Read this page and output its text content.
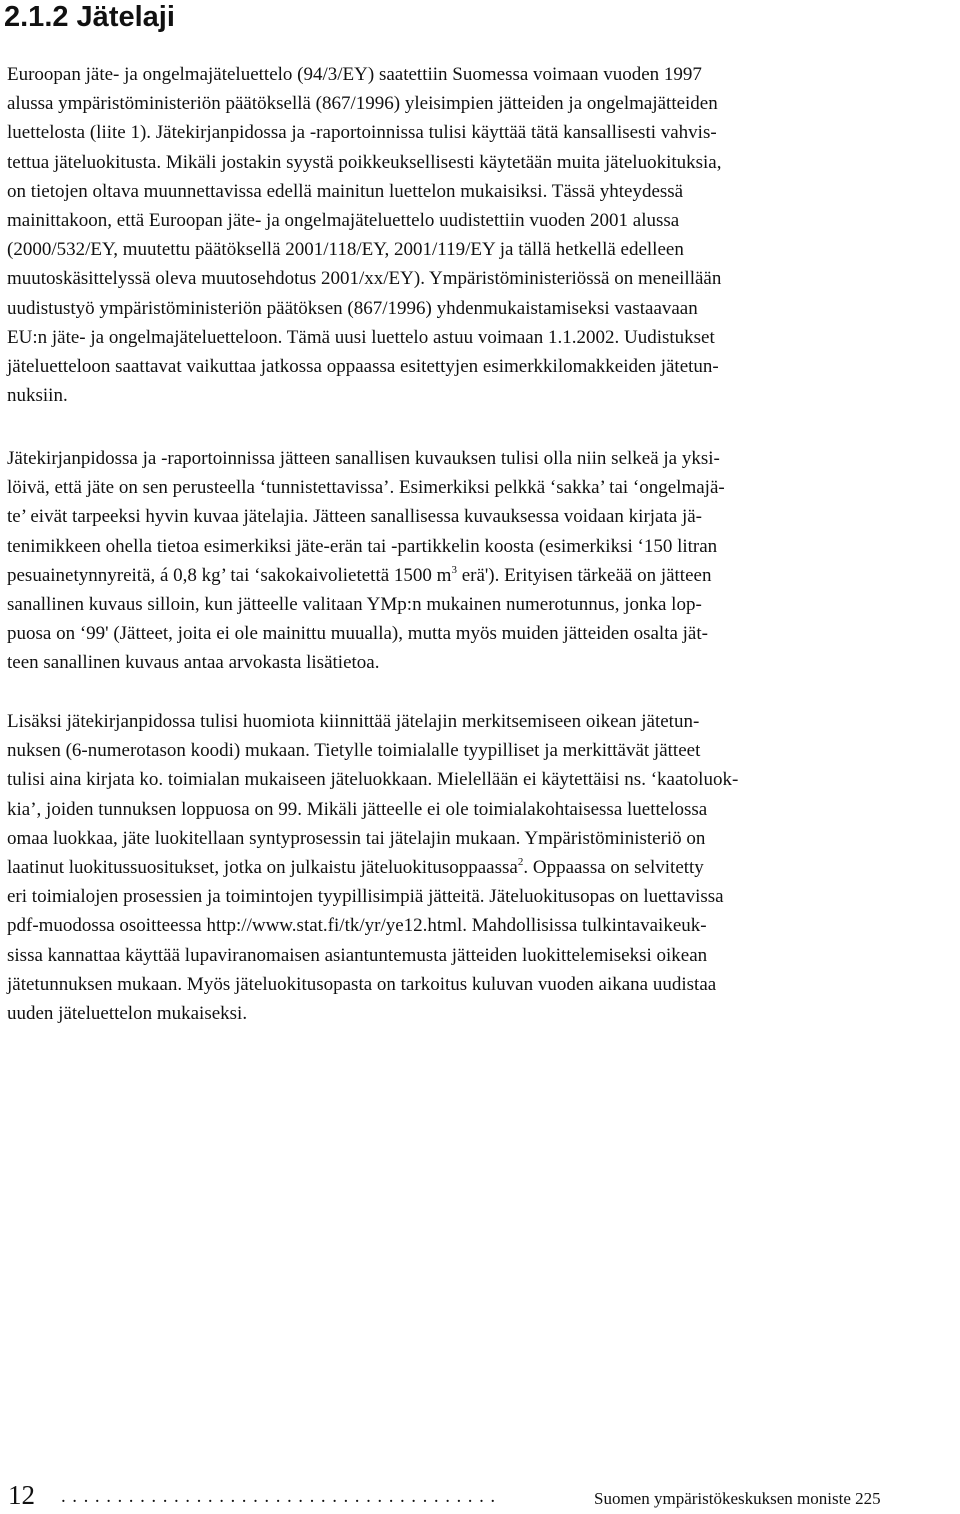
2.1.2 Jätelaji
Euroopan jäte- ja ongelmajäteluettelo (94/3/EY) saatettiin Suomessa voimaan vuoden 1997
alussa ympäristöministeriön päätöksellä (867/1996) yleisimpien jätteiden ja ongelmajätteiden
luettelosta (liite 1). Jätekirjanpidossa ja -raportoinnissa tulisi käyttää tätä kansallisesti vahvis-
tettua jäteluokitusta. Mikäli jostakin syystä poikkeuksellisesti käytetään muita jäteluokituksia,
on tietojen oltava muunnettavissa edellä mainitun luettelon mukaisiksi. Tässä yhteydessä
mainittakoon, että Euroopan jäte- ja ongelmajäteluettelo uudistettiin vuoden 2001 alussa
(2000/532/EY, muutettu päätöksellä 2001/118/EY, 2001/119/EY ja tällä hetkellä edelleen
muutoskäsittelyssä oleva muutosehdotus 2001/xx/EY). Ympäristöministeriössä on meneillään
uudistustyö ympäristöministeriön päätöksen (867/1996) yhdenmukaistamiseksi vastaavaan
EU:n jäte- ja ongelmajäteluetteloon. Tämä uusi luettelo astuu voimaan 1.1.2002. Uudistukset
jäteluetteloon saattavat vaikuttaa jatkossa oppaassa esitettyjen esimerkkilomakkeiden jätetun-
nuksiin.
Jätekirjanpidossa ja -raportoinnissa jätteen sanallisen kuvauksen tulisi olla niin selkeä ja yksi-
löivä, että jäte on sen perusteella ‘tunnistettavissa’. Esimerkiksi pelkkä ‘sakka’ tai ‘ongelmajä-
te’ eivät tarpeeksi hyvin kuvaa jätelajia. Jätteen sanallisessa kuvauksessa voidaan kirjata jä-
tenimikkeen ohella tietoa esimerkiksi jäte-erän tai -partikkelin koosta (esimerkiksi ‘150 litran
pesuainetynnyreitä, á 0,8 kg’ tai ‘sakokaivolietettä 1500 $m^3$ erä'). Erityisen tärkeää on jätteen
sanallinen kuvaus silloin, kun jätteelle valitaan YMp:n mukainen numerotunnus, jonka lop-
puosa on ‘99' (Jätteet, joita ei ole mainittu muualla), mutta myös muiden jätteiden osalta jät-
teen sanallinen kuvaus antaa arvokasta lisätietoa.
Lisäksi jätekirjanpidossa tulisi huomiota kiinnittää jätelajin merkitsemiseen oikean jätetun-
nuksen (6-numerotason koodi) mukaan. Tietylle toimialalle tyypilliset ja merkittävät jätteet
tulisi aina kirjata ko. toimialan mukaiseen jäteluokkaan. Mielellään ei käytettäisi ns. ‘kaatoluok-
kia’, joiden tunnuksen loppuosa on 99. Mikäli jätteelle ei ole toimialakohtaisessa luettelossa
omaa luokkaa, jäte luokitellaan syntyprosessin tai jätelajin mukaan. Ympäristöministeriö on
laatinut luokitussuositukset, jotka on julkaistu jäteluokitusoppaassa$^2$. Oppaassa on selvitetty
eri toimialojen prosessien ja toimintojen tyypillisimpiä jätteitä. Jäteluokitusopas on luettavissa
pdf-muodossa osoitteessa http://www.stat.fi/tk/yr/ye12.html. Mahdollisissa tulkintavaikeuk-
sissa kannattaa käyttää lupaviranomaisen asiantuntemusta jätteiden luokittelemiseksi oikean
jätetunnuksen mukaan. Myös jäteluokitusopasta on tarkoitus kuluvan vuoden aikana uudistaa
uuden jäteluettelon mukaiseksi.
12 . . . . . . . . . . . . . . . . . . . . . . . . . . . . . . . . . . . . . . .	Suomen ympäristökeskuksen moniste 225
